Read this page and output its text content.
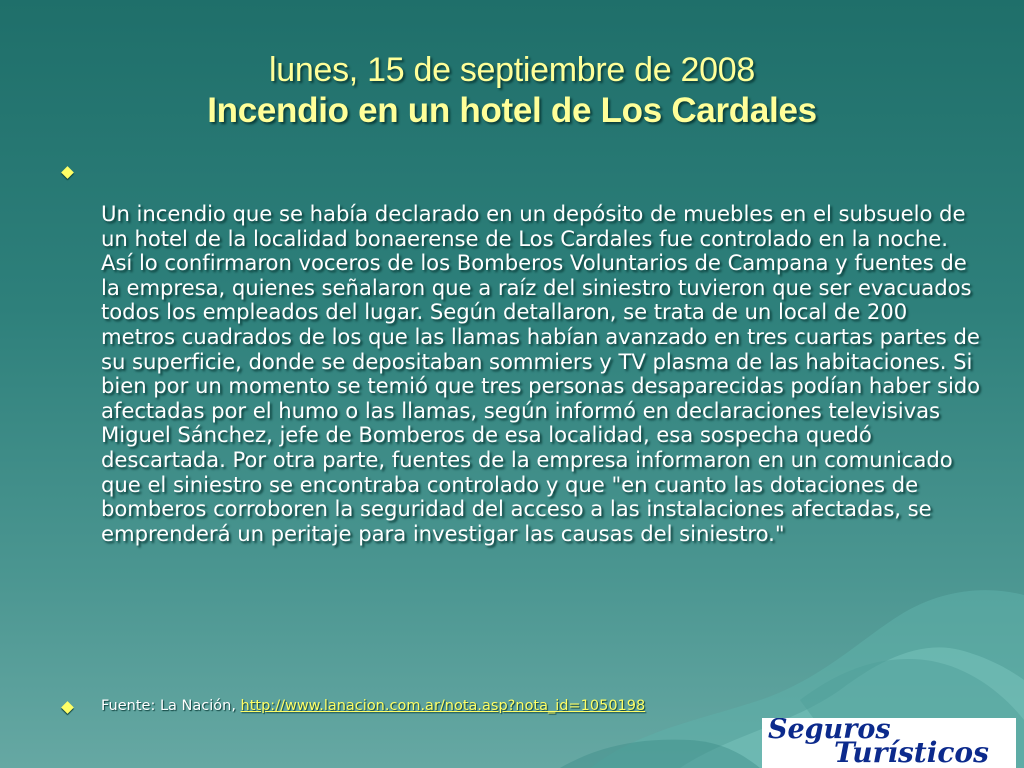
lunes, 15 de septiembre de 2008
Incendio en un hotel de Los Cardales
Un incendio que se había declarado en un depósito de muebles en el subsuelo de un hotel de la localidad bonaerense de Los Cardales fue controlado en la noche. Así lo confirmaron voceros de los Bomberos Voluntarios de Campana y fuentes de la empresa, quienes señalaron que a raíz del siniestro tuvieron que ser evacuados todos los empleados del lugar. Según detallaron, se trata de un local de 200 metros cuadrados de los que las llamas habían avanzado en tres cuartas partes de su superficie, donde se depositaban sommiers y TV plasma de las habitaciones. Si bien por un momento se temió que tres personas desaparecidas podían haber sido afectadas por el humo o las llamas, según informó en declaraciones televisivas Miguel Sánchez, jefe de Bomberos de esa localidad, esa sospecha quedó descartada. Por otra parte, fuentes de la empresa informaron en un comunicado que el siniestro se encontraba controlado y que "en cuanto las dotaciones de bomberos corroboren la seguridad del acceso a las instalaciones afectadas, se emprenderá un peritaje para investigar las causas del siniestro."
Fuente: La Nación, http://www.lanacion.com.ar/nota.asp?nota_id=1050198
Seguros
Turísticos
